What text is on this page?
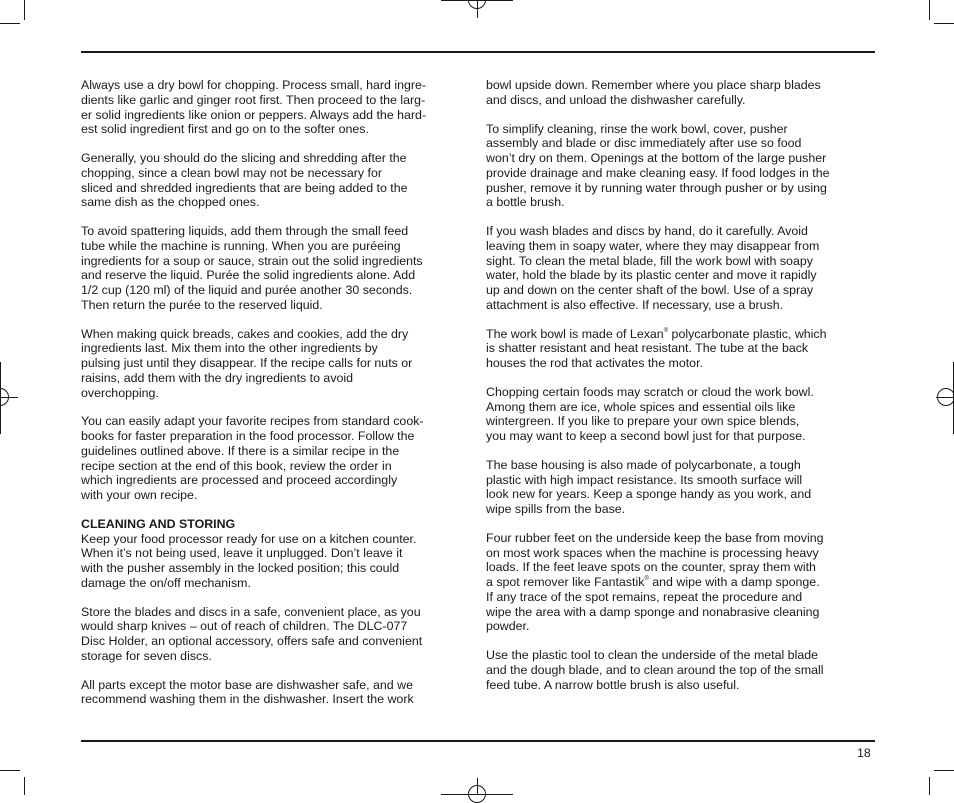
Always use a dry bowl for chopping. Process small, hard ingre-
dients like garlic and ginger root first. Then proceed to the larg-
er solid ingredients like onion or peppers. Always add the hard-
est solid ingredient first and go on to the softer ones.

Generally, you should do the slicing and shredding after the
chopping, since a clean bowl may not be necessary for
sliced and shredded ingredients that are being added to the
same dish as the chopped ones.

To avoid spattering liquids, add them through the small feed
tube while the machine is running. When you are puréeing
ingredients for a soup or sauce, strain out the solid ingredients
and reserve the liquid. Purée the solid ingredients alone. Add
1/2 cup (120 ml) of the liquid and purée another 30 seconds.
Then return the purée to the reserved liquid.

When making quick breads, cakes and cookies, add the dry
ingredients last. Mix them into the other ingredients by
pulsing just until they disappear. If the recipe calls for nuts or
raisins, add them with the dry ingredients to avoid
overchopping.

You can easily adapt your favorite recipes from standard cook-
books for faster preparation in the food processor. Follow the
guidelines outlined above. If there is a similar recipe in the
recipe section at the end of this book, review the order in
which ingredients are processed and proceed accordingly
with your own recipe.

CLEANING AND STORING
Keep your food processor ready for use on a kitchen counter.
When it’s not being used, leave it unplugged. Don’t leave it
with the pusher assembly in the locked position; this could
damage the on/off mechanism.

Store the blades and discs in a safe, convenient place, as you
would sharp knives – out of reach of children. The DLC-077
Disc Holder, an optional accessory, offers safe and convenient
storage for seven discs.

All parts except the motor base are dishwasher safe, and we
recommend washing them in the dishwasher. Insert the work

bowl upside down. Remember where you place sharp blades
and discs, and unload the dishwasher carefully.

To simplify cleaning, rinse the work bowl, cover, pusher
assembly and blade or disc immediately after use so food
won’t dry on them. Openings at the bottom of the large pusher
provide drainage and make cleaning easy. If food lodges in the
pusher, remove it by running water through pusher or by using
a bottle brush.

If you wash blades and discs by hand, do it carefully. Avoid
leaving them in soapy water, where they may disappear from
sight. To clean the metal blade, fill the work bowl with soapy
water, hold the blade by its plastic center and move it rapidly
up and down on the center shaft of the bowl. Use of a spray
attachment is also effective. If necessary, use a brush.

The work bowl is made of Lexan® polycarbonate plastic, which
is shatter resistant and heat resistant. The tube at the back
houses the rod that activates the motor.

Chopping certain foods may scratch or cloud the work bowl.
Among them are ice, whole spices and essential oils like
wintergreen. If you like to prepare your own spice blends,
you may want to keep a second bowl just for that purpose.

The base housing is also made of polycarbonate, a tough
plastic with high impact resistance. Its smooth surface will
look new for years. Keep a sponge handy as you work, and
wipe spills from the base.

Four rubber feet on the underside keep the base from moving
on most work spaces when the machine is processing heavy
loads. If the feet leave spots on the counter, spray them with
a spot remover like Fantastik® and wipe with a damp sponge.
If any trace of the spot remains, repeat the procedure and
wipe the area with a damp sponge and nonabrasive cleaning
powder.

Use the plastic tool to clean the underside of the metal blade
and the dough blade, and to clean around the top of the small
feed tube. A narrow bottle brush is also useful.

18
